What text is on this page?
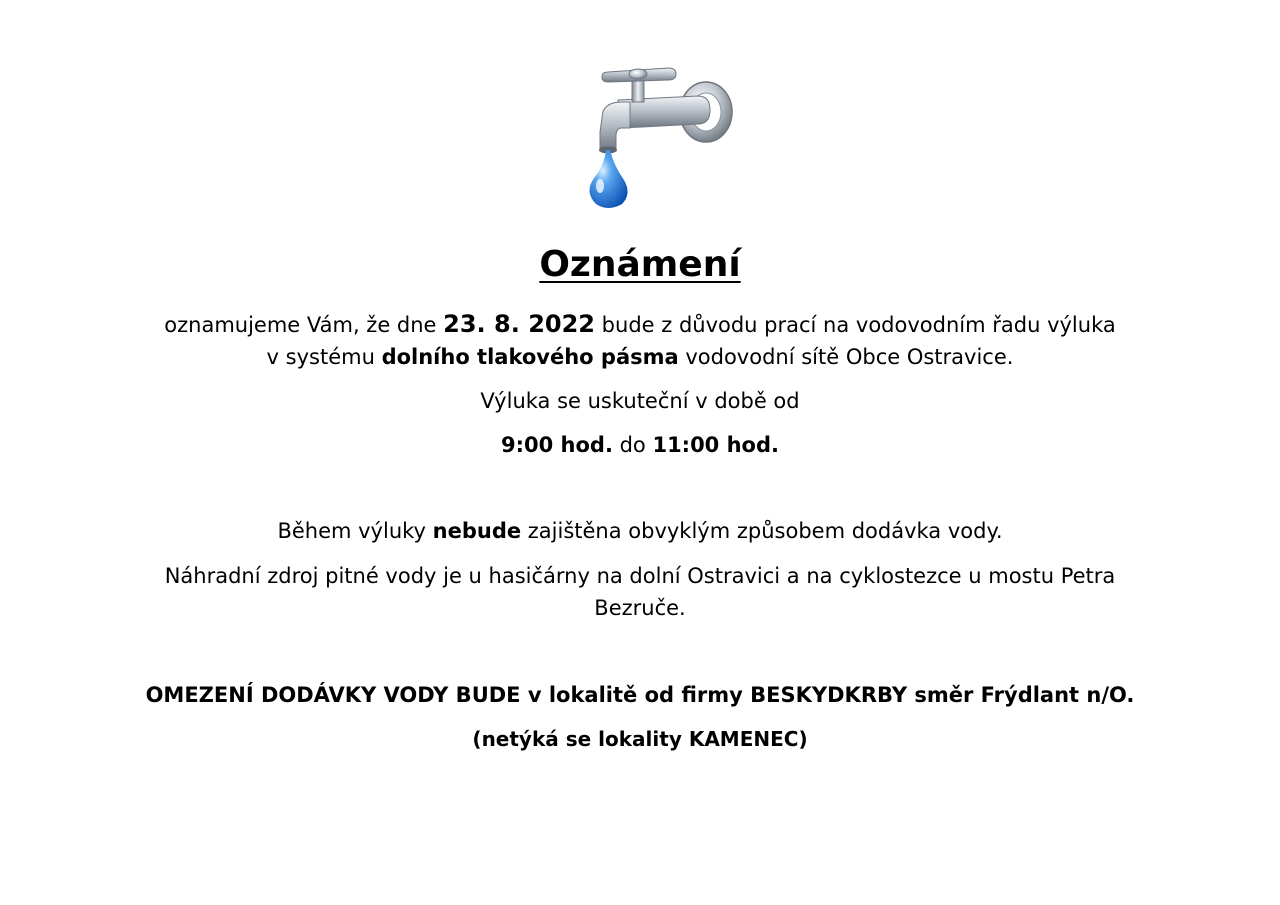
Oznámení
oznamujeme Vám, že dne 23. 8. 2022 bude z důvodu prací na vodovodním řadu výluka
v systému dolního tlakového pásma vodovodní sítě Obce Ostravice.
Výluka se uskuteční v době od
9:00 hod. do 11:00 hod.
Během výluky nebude zajištěna obvyklým způsobem dodávka vody.
Náhradní zdroj pitné vody je u hasičárny na dolní Ostravici a na cyklostezce u mostu Petra
Bezruče.
OMEZENÍ DODÁVKY VODY BUDE v lokalitě od firmy BESKYDKRBY směr Frýdlant n/O.
(netýká se lokality KAMENEC)
